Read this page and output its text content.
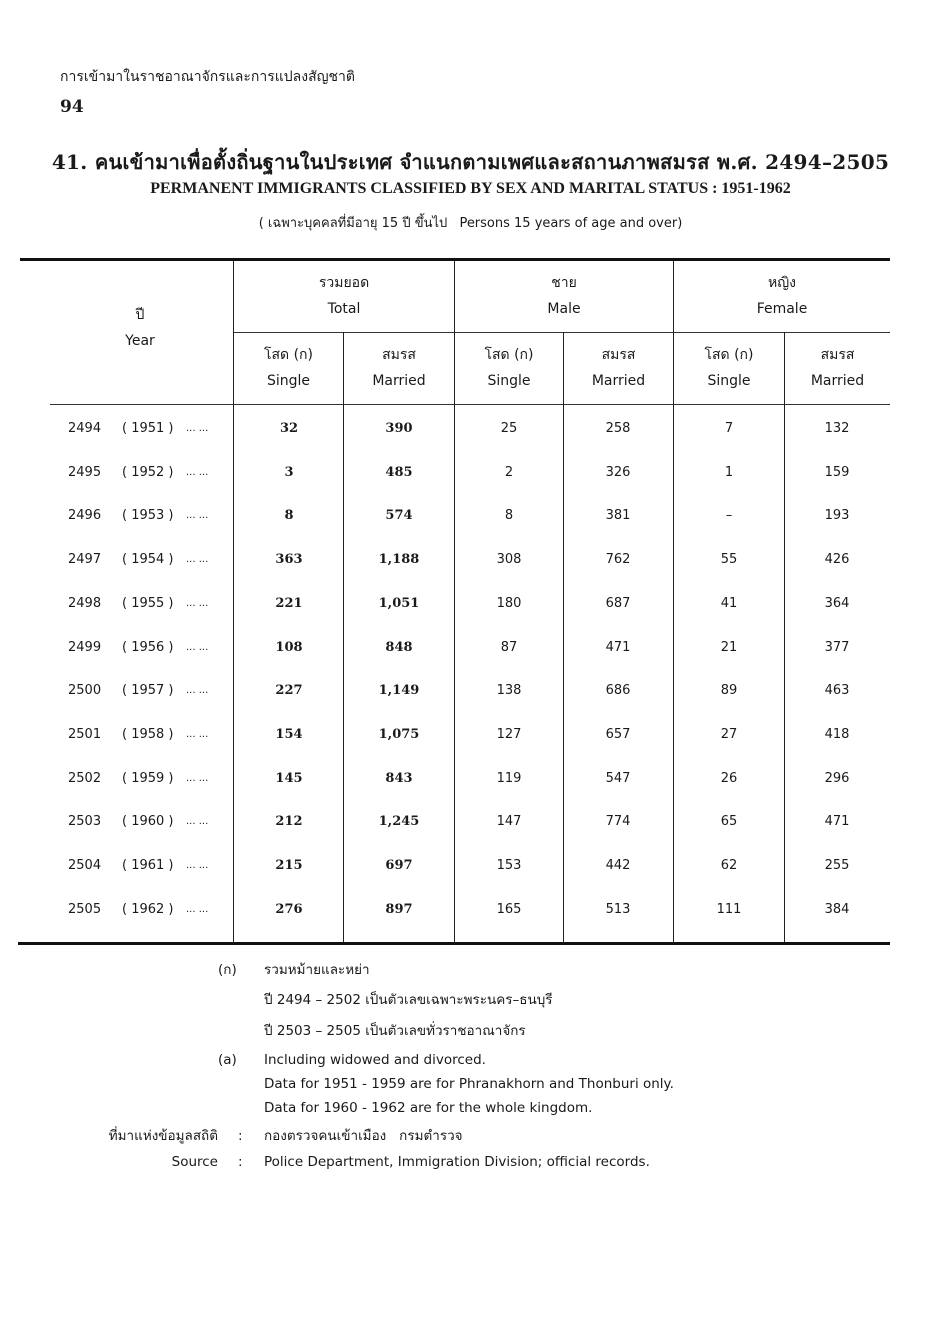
การเข้ามาในราชอาณาจักรและการแปลงสัญชาติ
94
41. คนเข้ามาเพื่อตั้งถิ่นฐานในประเทศ จำแนกตามเพศและสถานภาพสมรส พ.ศ. 2494–2505
PERMANENT IMMIGRANTS CLASSIFIED BY SEX AND MARITAL STATUS : 1951-1962
( เฉพาะบุคคลที่มีอายุ 15 ปี ขึ้นไป Persons 15 years of age and over)
ปี
Year
รวมยอด
Total
ชาย
Male
หญิง
Female
โสด (ก)
Single
สมรส
Married
โสด (ก)
Single
สมรส
Married
โสด (ก)
Single
สมรส
Married
2494 ( 1951 ) ... ...	32	390	25	258	7	132
2495 ( 1952 ) ... ...	3	485	2	326	1	159
2496 ( 1953 ) ... ...	8	574	8	381	–	193
2497 ( 1954 ) ... ...	363	1,188	308	762	55	426
2498 ( 1955 ) ... ...	221	1,051	180	687	41	364
2499 ( 1956 ) ... ...	108	848	87	471	21	377
2500 ( 1957 ) ... ...	227	1,149	138	686	89	463
2501 ( 1958 ) ... ...	154	1,075	127	657	27	418
2502 ( 1959 ) ... ...	145	843	119	547	26	296
2503 ( 1960 ) ... ...	212	1,245	147	774	65	471
2504 ( 1961 ) ... ...	215	697	153	442	62	255
2505 ( 1962 ) ... ...	276	897	165	513	111	384
(ก) รวมหม้ายและหย่า
ปี 2494 – 2502 เป็นตัวเลขเฉพาะพระนคร–ธนบุรี
ปี 2503 – 2505 เป็นตัวเลขทั่วราชอาณาจักร
(a) Including widowed and divorced.
Data for 1951 - 1959 are for Phranakhorn and Thonburi only.
Data for 1960 - 1962 are for the whole kingdom.
ที่มาแห่งข้อมูลสถิติ : กองตรวจคนเข้าเมือง   กรมตำรวจ
Source : Police Department, Immigration Division; official records.
